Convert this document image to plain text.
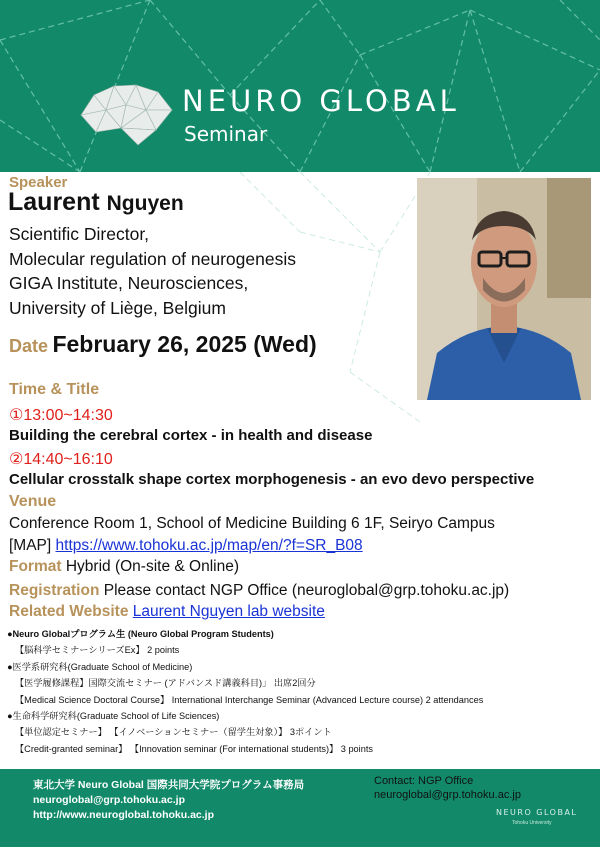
NEURO GLOBAL
Seminar
Speaker
Laurent Nguyen
Scientific Director,
Molecular regulation of neurogenesis
GIGA Institute, Neurosciences,
University of Liège, Belgium
Date February 26, 2025 (Wed)
Time & Title
①13:00~14:30
Building the cerebral cortex - in health and disease
②14:40~16:10
Cellular crosstalk shape cortex morphogenesis - an evo devo perspective
Venue
Conference Room 1, School of Medicine Building 6 1F, Seiryo Campus
[MAP] https://www.tohoku.ac.jp/map/en/?f=SR_B08
Format Hybrid (On-site & Online)
Registration Please contact NGP Office (neuroglobal@grp.tohoku.ac.jp)
Related Website Laurent Nguyen lab website
●Neuro Globalプログラム生 (Neuro Global Program Students)
【脳科学セミナーシリーズEx】 2 points
●医学系研究科(Graduate School of Medicine)
【医学履修課程】国際交流セミナー (アドバンスド講義科目)」 出席2回分
【Medical Science Doctoral Course】 International Interchange Seminar (Advanced Lecture course) 2 attendances
●生命科学研究科(Graduate School of Life Sciences)
【単位認定セミナー】 【イノベーションセミナー（留学生対象）】 3ポイント
【Credit-granted seminar】 【Innovation seminar (For international students)】 3 points
東北大学 Neuro Global 国際共同大学院プログラム事務局
neuroglobal@grp.tohoku.ac.jp
http://www.neuroglobal.tohoku.ac.jp
Contact: NGP Office
neuroglobal@grp.tohoku.ac.jp
NEURO GLOBAL
Tohoku University
